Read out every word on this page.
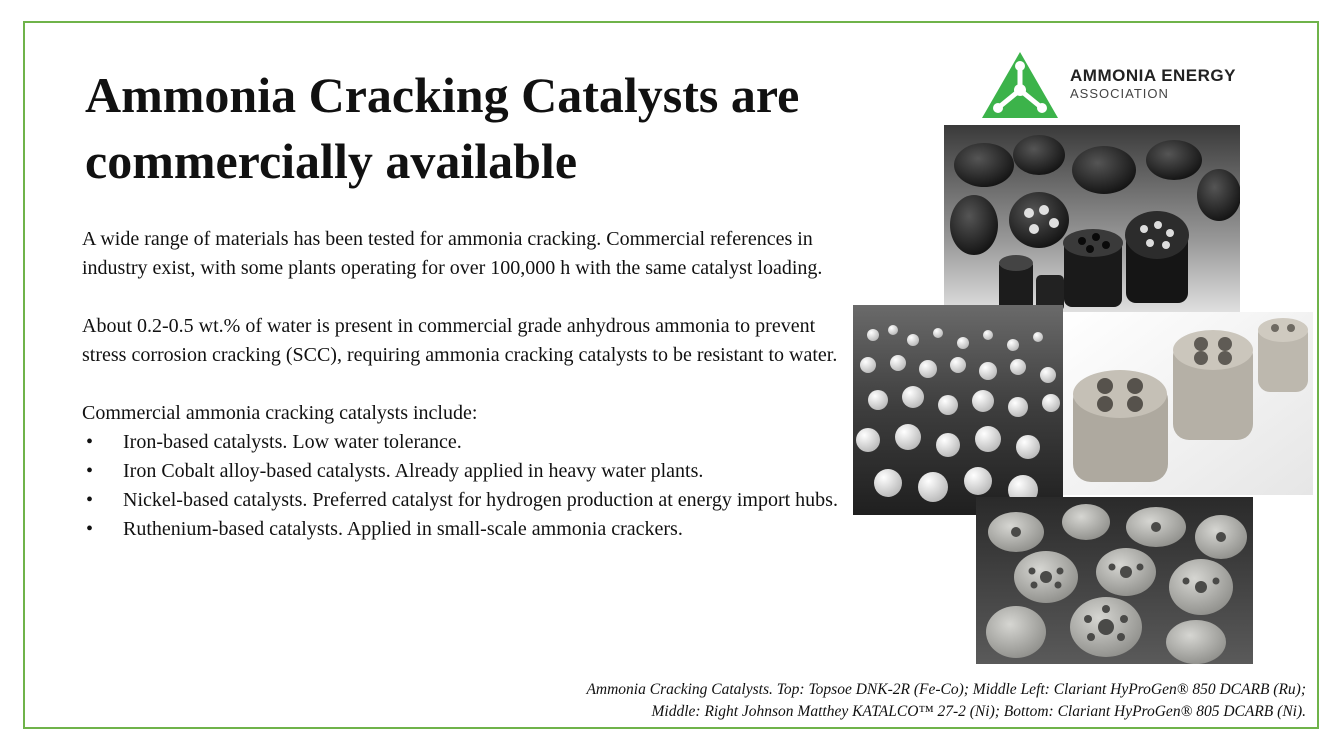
Ammonia Cracking Catalysts are
commercially available
AMMONIA ENERGY
ASSOCIATION

A wide range of materials has been tested for ammonia cracking. Commercial references in industry exist, with some plants operating for over 100,000 h with the same catalyst loading.

About 0.2-0.5 wt.% of water is present in commercial grade anhydrous ammonia to prevent stress corrosion cracking (SCC), requiring ammonia cracking catalysts to be resistant to water.

Commercial ammonia cracking catalysts include:
• Iron-based catalysts. Low water tolerance.
• Iron Cobalt alloy-based catalysts. Already applied in heavy water plants.
• Nickel-based catalysts. Preferred catalyst for hydrogen production at energy import hubs.
• Ruthenium-based catalysts. Applied in small-scale ammonia crackers.
Ammonia Cracking Catalysts. Top: Topsoe DNK-2R (Fe-Co); Middle Left: Clariant HyProGen® 850 DCARB (Ru);
Middle: Right Johnson Matthey KATALCO™ 27-2 (Ni); Bottom: Clariant HyProGen® 805 DCARB (Ni).
